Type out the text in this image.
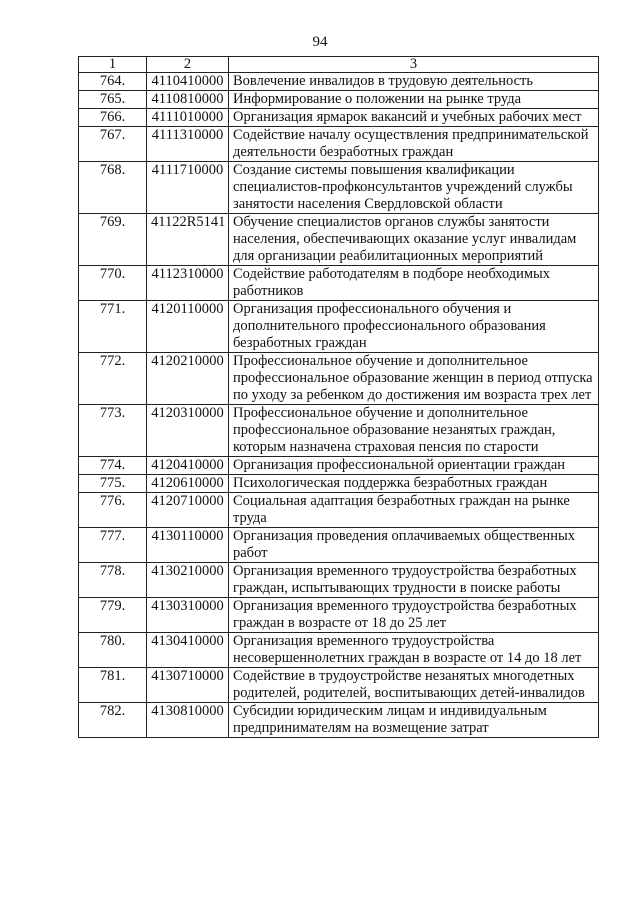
94
1	2	3
764.	4110410000	Вовлечение инвалидов в трудовую деятельность
765.	4110810000	Информирование о положении на рынке труда
766.	4111010000	Организация ярмарок вакансий и учебных рабочих мест
767.	4111310000	Содействие началу осуществления предпринимательской деятельности безработных граждан
768.	4111710000	Создание системы повышения квалификации специалистов-профконсультантов учреждений службы занятости населения Свердловской области
769.	41122R5141	Обучение специалистов органов службы занятости населения, обеспечивающих оказание услуг инвалидам для организации реабилитационных мероприятий
770.	4112310000	Содействие работодателям в подборе необходимых работников
771.	4120110000	Организация профессионального обучения и дополнительного профессионального образования безработных граждан
772.	4120210000	Профессиональное обучение и дополнительное профессиональное образование женщин в период отпуска по уходу за ребенком до достижения им возраста трех лет
773.	4120310000	Профессиональное обучение и дополнительное профессиональное образование незанятых граждан, которым назначена страховая пенсия по старости
774.	4120410000	Организация профессиональной ориентации граждан
775.	4120610000	Психологическая поддержка безработных граждан
776.	4120710000	Социальная адаптация безработных граждан на рынке труда
777.	4130110000	Организация проведения оплачиваемых общественных работ
778.	4130210000	Организация временного трудоустройства безработных граждан, испытывающих трудности в поиске работы
779.	4130310000	Организация временного трудоустройства безработных граждан в возрасте от 18 до 25 лет
780.	4130410000	Организация временного трудоустройства несовершеннолетних граждан в возрасте от 14 до 18 лет
781.	4130710000	Содействие в трудоустройстве незанятых многодетных родителей, родителей, воспитывающих детей-инвалидов
782.	4130810000	Субсидии юридическим лицам и индивидуальным предпринимателям на возмещение затрат
